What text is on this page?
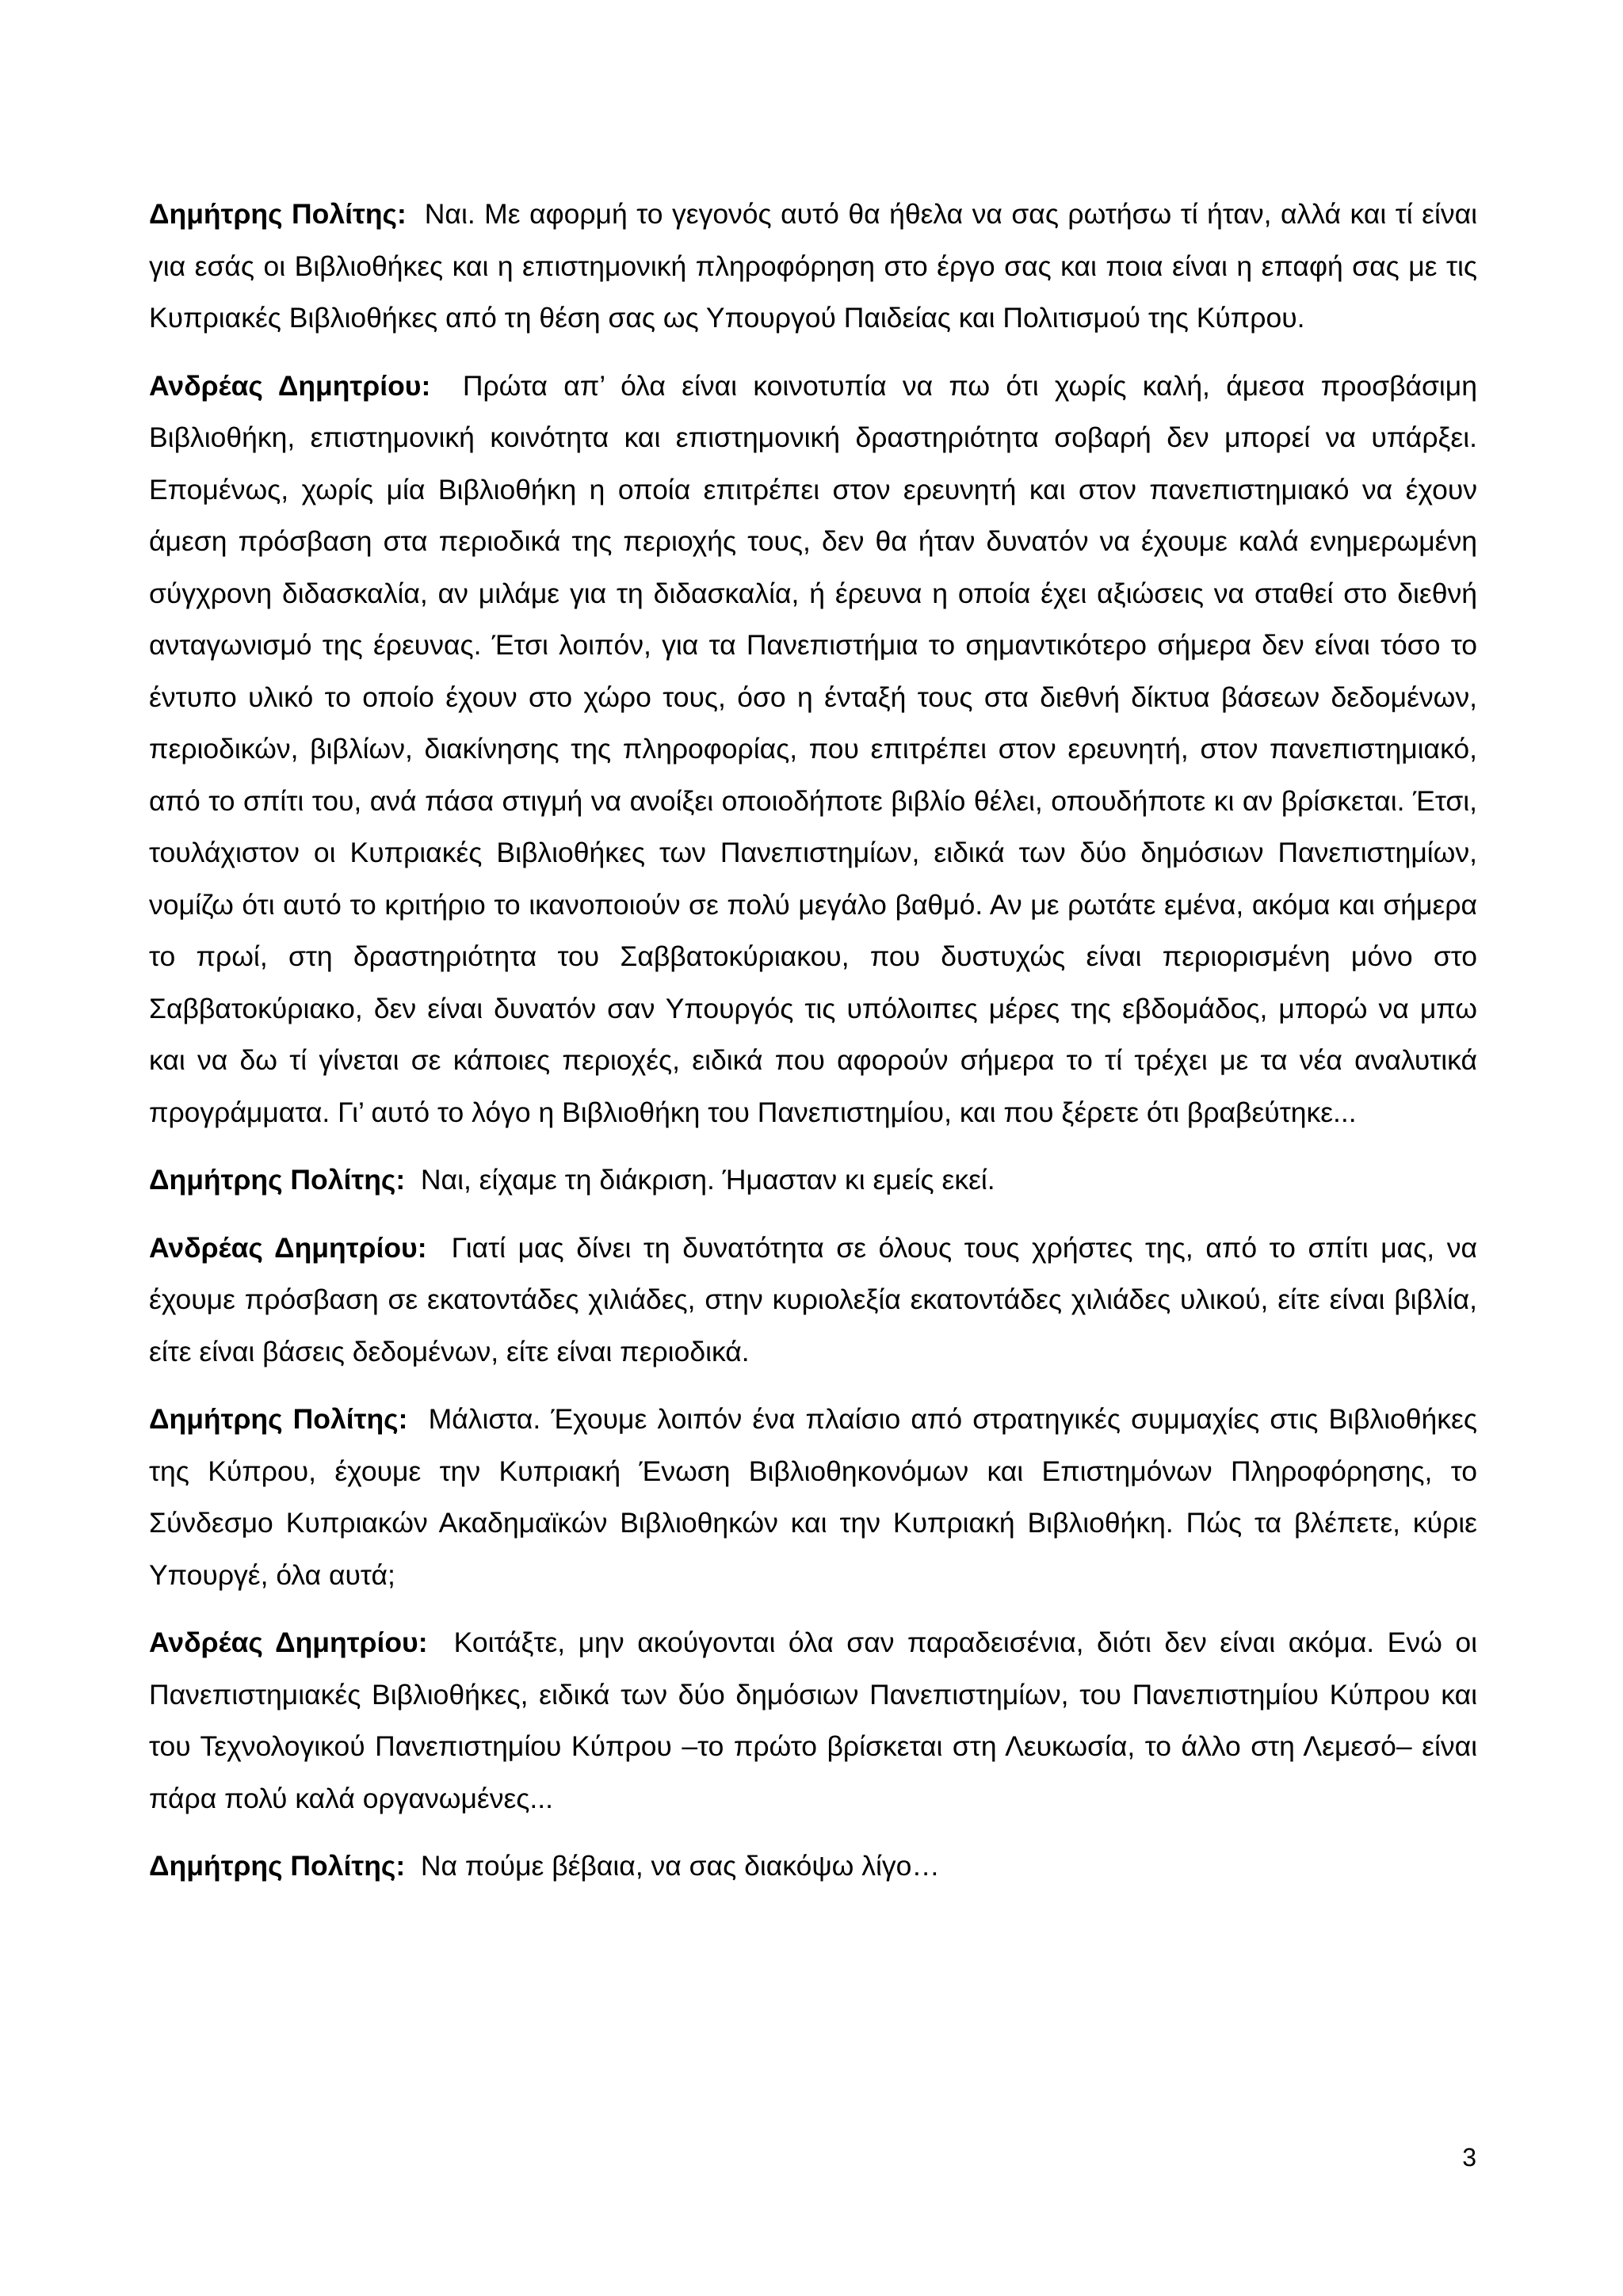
Δημήτρης Πολίτης: Ναι. Με αφορμή το γεγονός αυτό θα ήθελα να σας ρωτήσω τί ήταν, αλλά και τί είναι για εσάς οι Βιβλιοθήκες και η επιστημονική πληροφόρηση στο έργο σας και ποια είναι η επαφή σας με τις Κυπριακές Βιβλιοθήκες από τη θέση σας ως Υπουργού Παιδείας και Πολιτισμού της Κύπρου.

Ανδρέας Δημητρίου: Πρώτα απ’ όλα είναι κοινοτυπία να πω ότι χωρίς καλή, άμεσα προσβάσιμη Βιβλιοθήκη, επιστημονική κοινότητα και επιστημονική δραστηριότητα σοβαρή δεν μπορεί να υπάρξει. Επομένως, χωρίς μία Βιβλιοθήκη η οποία επιτρέπει στον ερευνητή και στον πανεπιστημιακό να έχουν άμεση πρόσβαση στα περιοδικά της περιοχής τους, δεν θα ήταν δυνατόν να έχουμε καλά ενημερωμένη σύγχρονη διδασκαλία, αν μιλάμε για τη διδασκαλία, ή έρευνα η οποία έχει αξιώσεις να σταθεί στο διεθνή ανταγωνισμό της έρευνας. Έτσι λοιπόν, για τα Πανεπιστήμια το σημαντικότερο σήμερα δεν είναι τόσο το έντυπο υλικό το οποίο έχουν στο χώρο τους, όσο η ένταξή τους στα διεθνή δίκτυα βάσεων δεδομένων, περιοδικών, βιβλίων, διακίνησης της πληροφορίας, που επιτρέπει στον ερευνητή, στον πανεπιστημιακό, από το σπίτι του, ανά πάσα στιγμή να ανοίξει οποιοδήποτε βιβλίο θέλει, οπουδήποτε κι αν βρίσκεται. Έτσι, τουλάχιστον οι Κυπριακές Βιβλιοθήκες των Πανεπιστημίων, ειδικά των δύο δημόσιων Πανεπιστημίων, νομίζω ότι αυτό το κριτήριο το ικανοποιούν σε πολύ μεγάλο βαθμό. Αν με ρωτάτε εμένα, ακόμα και σήμερα το πρωί, στη δραστηριότητα του Σαββατοκύριακου, που δυστυχώς είναι περιορισμένη μόνο στο Σαββατοκύριακο, δεν είναι δυνατόν σαν Υπουργός τις υπόλοιπες μέρες της εβδομάδος, μπορώ να μπω και να δω τί γίνεται σε κάποιες περιοχές, ειδικά που αφορούν σήμερα το τί τρέχει με τα νέα αναλυτικά προγράμματα. Γι’ αυτό το λόγο η Βιβλιοθήκη του Πανεπιστημίου, και που ξέρετε ότι βραβεύτηκε...

Δημήτρης Πολίτης: Ναι, είχαμε τη διάκριση. Ήμασταν κι εμείς εκεί.

Ανδρέας Δημητρίου: Γιατί μας δίνει τη δυνατότητα σε όλους τους χρήστες της, από το σπίτι μας, να έχουμε πρόσβαση σε εκατοντάδες χιλιάδες, στην κυριολεξία εκατοντάδες χιλιάδες υλικού, είτε είναι βιβλία, είτε είναι βάσεις δεδομένων, είτε είναι περιοδικά.

Δημήτρης Πολίτης: Μάλιστα. Έχουμε λοιπόν ένα πλαίσιο από στρατηγικές συμμαχίες στις Βιβλιοθήκες της Κύπρου, έχουμε την Κυπριακή Ένωση Βιβλιοθηκονόμων και Επιστημόνων Πληροφόρησης, το Σύνδεσμο Κυπριακών Ακαδημαϊκών Βιβλιοθηκών και την Κυπριακή Βιβλιοθήκη. Πώς τα βλέπετε, κύριε Υπουργέ, όλα αυτά;

Ανδρέας Δημητρίου: Κοιτάξτε, μην ακούγονται όλα σαν παραδεισένια, διότι δεν είναι ακόμα. Ενώ οι Πανεπιστημιακές Βιβλιοθήκες, ειδικά των δύο δημόσιων Πανεπιστημίων, του Πανεπιστημίου Κύπρου και του Τεχνολογικού Πανεπιστημίου Κύπρου –το πρώτο βρίσκεται στη Λευκωσία, το άλλο στη Λεμεσό– είναι πάρα πολύ καλά οργανωμένες...

Δημήτρης Πολίτης: Να πούμε βέβαια, να σας διακόψω λίγο…

3
